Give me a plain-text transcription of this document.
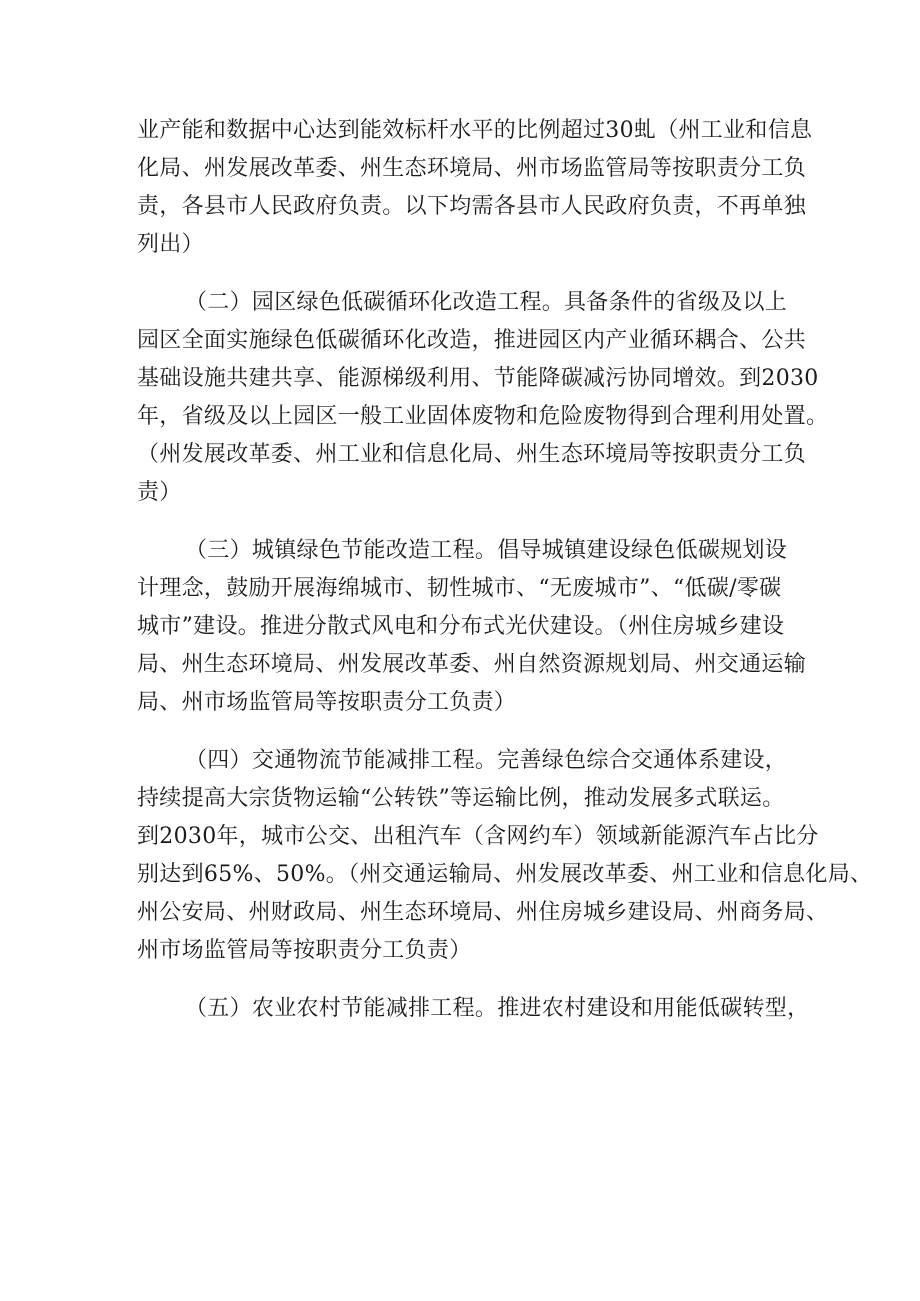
业产能和数据中心达到能效标杆水平的比例超过30虬（州工业和信息
化局、州发展改革委、州生态环境局、州市场监管局等按职责分工负
责，各县市人民政府负责。以下均需各县市人民政府负责，不再单独
列出）
（二）园区绿色低碳循环化改造工程。具备条件的省级及以上
园区全面实施绿色低碳循环化改造，推进园区内产业循环耦合、公共
基础设施共建共享、能源梯级利用、节能降碳减污协同增效。到2030
年，省级及以上园区一般工业固体废物和危险废物得到合理利用处置。
（州发展改革委、州工业和信息化局、州生态环境局等按职责分工负
责）
（三）城镇绿色节能改造工程。倡导城镇建设绿色低碳规划设
计理念，鼓励开展海绵城市、韧性城市、“无废城市”、“低碳/零碳
城市”建设。推进分散式风电和分布式光伏建设。（州住房城乡建设
局、州生态环境局、州发展改革委、州自然资源规划局、州交通运输
局、州市场监管局等按职责分工负责）
（四）交通物流节能减排工程。完善绿色综合交通体系建设，
持续提高大宗货物运输“公转铁”等运输比例，推动发展多式联运。
到2030年，城市公交、出租汽车（含网约车）领域新能源汽车占比分
别达到65%、50%。（州交通运输局、州发展改革委、州工业和信息化局、
州公安局、州财政局、州生态环境局、州住房城乡建设局、州商务局、
州市场监管局等按职责分工负责）
（五）农业农村节能减排工程。推进农村建设和用能低碳转型，
